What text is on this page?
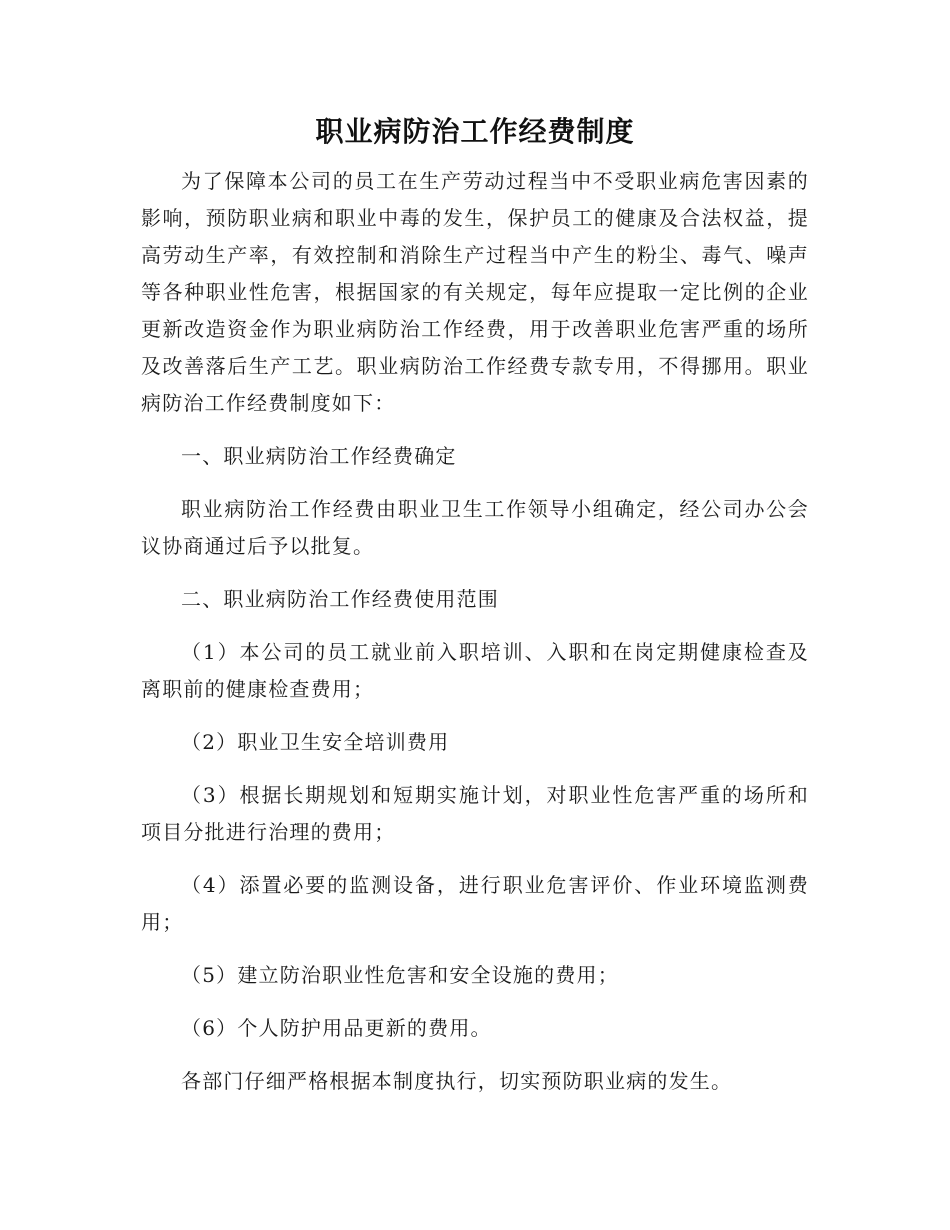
职业病防治工作经费制度

为了保障本公司的员工在生产劳动过程当中不受职业病危害因素的影响，预防职业病和职业中毒的发生，保护员工的健康及合法权益，提高劳动生产率，有效控制和消除生产过程当中产生的粉尘、毒气、噪声等各种职业性危害，根据国家的有关规定，每年应提取一定比例的企业更新改造资金作为职业病防治工作经费，用于改善职业危害严重的场所及改善落后生产工艺。职业病防治工作经费专款专用，不得挪用。职业病防治工作经费制度如下：

一、职业病防治工作经费确定

职业病防治工作经费由职业卫生工作领导小组确定，经公司办公会议协商通过后予以批复。

二、职业病防治工作经费使用范围

（1）本公司的员工就业前入职培训、入职和在岗定期健康检查及离职前的健康检查费用；

（2）职业卫生安全培训费用

（3）根据长期规划和短期实施计划，对职业性危害严重的场所和项目分批进行治理的费用；

（4）添置必要的监测设备，进行职业危害评价、作业环境监测费用；

（5）建立防治职业性危害和安全设施的费用；

（6）个人防护用品更新的费用。

各部门仔细严格根据本制度执行，切实预防职业病的发生。
